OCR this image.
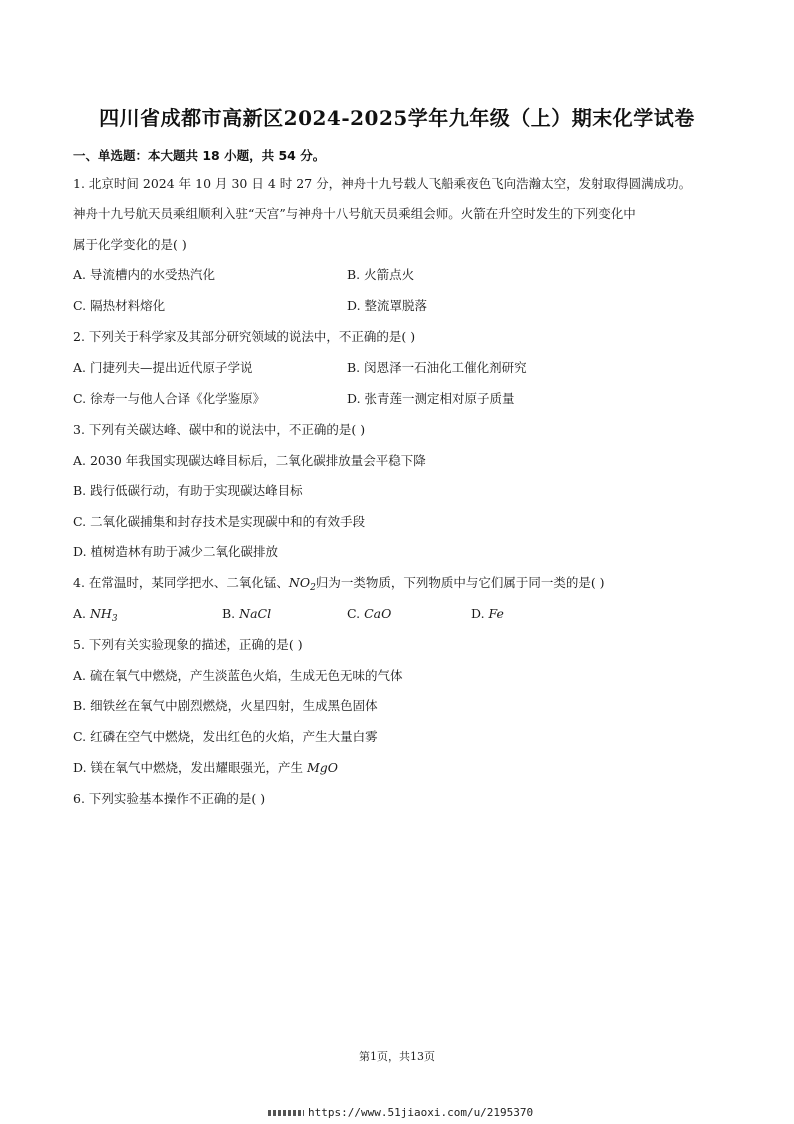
四川省成都市高新区2024-2025学年九年级（上）期末化学试卷
一、单选题：本大题共 18 小题，共 54 分。
1. 北京时间 2024 年 10 月 30 日 4 时 27 分，神舟十九号载人飞船乘夜色飞向浩瀚太空，发射取得圆满成功。
神舟十九号航天员乘组顺利入驻“天宫”与神舟十八号航天员乘组会师。火箭在升空时发生的下列变化中
属于化学变化的是( )
A. 导流槽内的水受热汽化	B. 火箭点火
C. 隔热材料熔化	D. 整流罩脱落
2. 下列关于科学家及其部分研究领域的说法中，不正确的是( )
A. 门捷列夫—提出近代原子学说	B. 闵恩泽一石油化工催化剂研究
C. 徐寿一与他人合译《化学鉴原》	D. 张青莲一测定相对原子质量
3. 下列有关碳达峰、碳中和的说法中，不正确的是( )
A. 2030 年我国实现碳达峰目标后，二氧化碳排放量会平稳下降
B. 践行低碳行动，有助于实现碳达峰目标
C. 二氧化碳捕集和封存技术是实现碳中和的有效手段
D. 植树造林有助于减少二氧化碳排放
4. 在常温时，某同学把水、二氧化锰、$NO_2$归为一类物质，下列物质中与它们属于同一类的是( )
A. $NH_3$	B. NaCl	C. CaO	D. Fe
5. 下列有关实验现象的描述，正确的是( )
A. 硫在氧气中燃烧，产生淡蓝色火焰，生成无色无味的气体
B. 细铁丝在氧气中剧烈燃烧，火星四射，生成黑色固体
C. 红磷在空气中燃烧，发出红色的火焰，产生大量白雾
D. 镁在氧气中燃烧，发出耀眼强光，产生 MgO
6. 下列实验基本操作不正确的是( )
第1页，共13页
https://www.51jiaoxi.com/u/2195370
